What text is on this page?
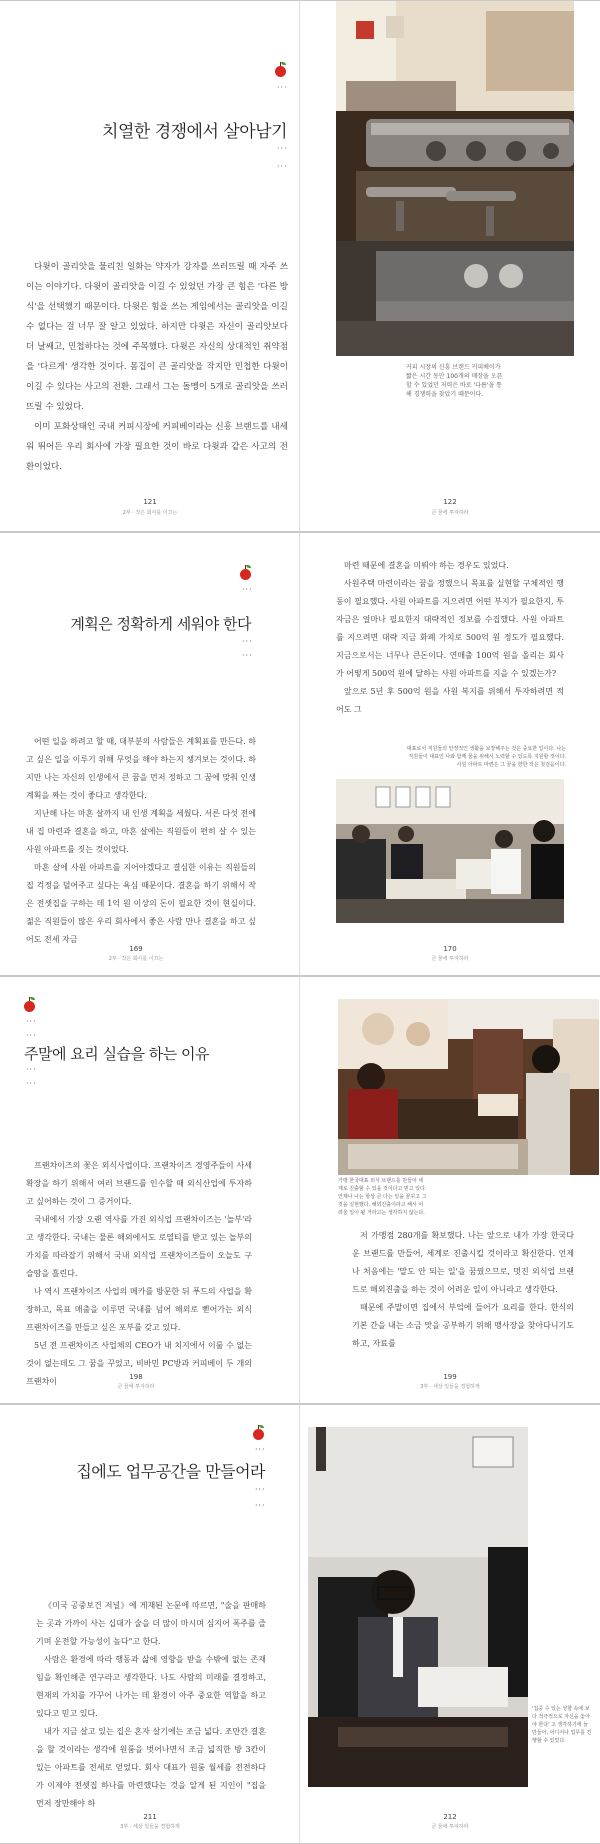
···
치열한 경쟁에서 살아남기
···
···

다윗이 골리앗을 물리친 일화는 약자가 강자를 쓰러뜨릴 때 자주 쓰이는 이야기다. 다윗이 골리앗을 이길 수 있었던 가장 큰 힘은 '다른 방식'을 선택했기 때문이다. 다윗은 힘을 쓰는 게임에서는 골리앗을 이길 수 없다는 걸 너무 잘 알고 있었다. 하지만 다윗은 자신이 골리앗보다 더 날쌔고, 민첩하다는 것에 주목했다. 다윗은 자신의 상대적인 취약점을 '다르게' 생각한 것이다. 몸집이 큰 골리앗을 작지만 민첩한 다윗이 이길 수 있다는 사고의 전환. 그래서 그는 돌멩이 5개로 골리앗을 쓰러뜨릴 수 있었다.

이미 포화상태인 국내 커피시장에 커피베이라는 신흥 브랜드를 내세워 뛰어든 우리 회사에 가장 필요한 것이 바로 다윗과 같은 사고의 전환이었다.

121
2부 · 작은 회사를 이끄는
커피 시장의 신흥 브랜드 커피베이가 짧은 시간 동안 100개의 매장을 오픈할 수 있었던 저력은 바로 '다름'을 통해 경쟁력을 찾았기 때문이다.
122
큰 꿈에 투자하라
···
계획은 정확하게 세워야 한다
···
···

어떤 일을 하려고 할 때, 대부분의 사람들은 계획표를 만든다. 하고 싶은 일을 이루기 위해 무엇을 해야 하는지 챙겨보는 것이다. 하지만 나는 자신의 인생에서 큰 꿈을 먼저 정하고 그 꿈에 맞춰 인생 계획을 짜는 것이 좋다고 생각한다.

지난해 나는 마흔 살까지 내 인생 계획을 세웠다. 서른 다섯 전에 내 집 마련과 결혼을 하고, 마흔 살에는 직원들이 편히 살 수 있는 사원 아파트를 짓는 것이었다.

마흔 살에 사원 아파트를 지어야겠다고 결심한 이유는 직원들의 집 걱정을 덜어주고 싶다는 욕심 때문이다. 결혼을 하기 위해서 작은 전셋집을 구하는 데 1억 원 이상의 돈이 필요한 것이 현실이다. 젊은 직원들이 많은 우리 회사에서 좋은 사람 만나 결혼을 하고 싶어도 전세 자금

169
2부 · 작은 회사를 이끄는

마련 때문에 결혼을 미뤄야 하는 경우도 있었다.

사원주택 마련이라는 꿈을 정했으니 목표를 실현할 구체적인 행동이 필요했다. 사원 아파트를 지으려면 어떤 부지가 필요한지, 투자금은 얼마나 필요한지 대략적인 정보를 수집했다. 사원 아파트를 지으려면 대략 지금 화폐 가치로 500억 원 정도가 필요했다. 지금으로서는 너무나 큰돈이다. 연매출 100억 원을 올리는 회사가 어떻게 500억 원에 달하는 사원 아파트를 지을 수 있겠는가?

앞으로 5년 후 500억 원을 사원 복지를 위해서 투자하려면 적어도 그

대표로서 직원들의 안정적인 생활을 보장해주는 것은 중요한 일이다. 나는 직원들이 대표인 나와 함께 꿈을 위해서 노력할 수 있도록 지원할 것이다. 사원 아파트 마련은 그 꿈을 향한 작은 첫걸음이다.
170
큰 꿈에 투자하라
···
···
주말에 요리 실습을 하는 이유
···
···

프랜차이즈의 꽃은 외식사업이다. 프랜차이즈 경영주들이 사세 확장을 하기 위해서 여러 브랜드를 인수할 때 외식산업에 투자하고 싶어하는 것이 그 증거이다.

국내에서 가장 오랜 역사를 가진 외식업 프랜차이즈는 '놀부'라고 생각한다. 국내는 물론 해외에서도 로열티를 받고 있는 놀부의 가치를 따라잡기 위해서 국내 외식업 프랜차이즈들이 오늘도 구슬땀을 흘린다.

나 역시 프랜차이즈 사업의 메카를 방문한 뒤 푸드의 사업을 확장하고, 목표 매출을 이루면 국내를 넘어 해외로 뻗어가는 외식 프랜차이즈를 만들고 싶은 포부를 갖고 있다.

5년 전 프랜차이즈 사업체의 CEO가 내 치지에서 이룰 수 없는 것이 없는데도 그 꿈을 꾸었고, 비바민 PC방과 커피베이 두 개의 프랜차이	198
큰 꿈에 투자하라
가맹 한국대표 외식 브랜드를 만들어 세계로 진출할 수 있을 것이다고 믿고 있다. 언제나 나는 항상 큰 다는 일을 꿈꾸고 그것을 실현했다. 해외진출이라고 해서 어려울 일이 될 거라고는 생각하지 않는다.

저 가맹점 280개를 확보했다. 나는 앞으로 내가 가장 한국다운 브랜드를 만들어, 세계로 진출시킬 것이라고 확신한다. 언제나 처음에는 '말도 안 되는 일'을 꿈꿨으므로, 멋진 외식업 브랜드로 해외진출을 하는 것이 어려운 일이 아니라고 생각한다.

때문에 주말이면 집에서 부엌에 들어가 요리를 한다. 한식의 기본 간을 내는 소금 맛을 공부하기 위해 맹사장을 찾아다니기도 하고, 자료를

199
3부 · 세상 일들을 경험하게
···
집에도 업무공간을 만들어라
···
···

《미국 공중보건 저널》에 게재된 논문에 따르면, "술을 판매하는 곳과 가까이 사는 십대가 술을 더 많이 마시며 심지어 폭주를 즐기며 운전할 가능성이 높다"고 한다.

사람은 환경에 따라 행동과 삶에 영향을 받을 수밖에 없는 존재임을 확인해준 연구라고 생각한다. 나도 사람의 미래를 결정하고, 현재의 가치를 가꾸어 나가는 데 환경이 아주 중요한 역할을 하고 있다고 믿고 있다.

내가 지금 살고 있는 집은 혼자 살기에는 조금 넓다. 조만간 결혼을 할 것이라는 생각에 원룸을 벗어나면서 조금 넓직한 방 3칸이 있는 아파트를 전세로 얻었다. 회사 대표가 원룸 월세를 전전하다가 이제야 전셋집 하나를 마련했다는 것을 알게 된 지인이 "집을 먼저 장만해야 하

211
3부 · 세상 일들을 경험하게
'집중 수 있는 성향 속에 보다 적극적으로 자신을 놓아야 한다' 고 생각하기에 늘 만들어, 어디서나 업무를 진행할 수 있었다.
212
큰 꿈에 투자하라
